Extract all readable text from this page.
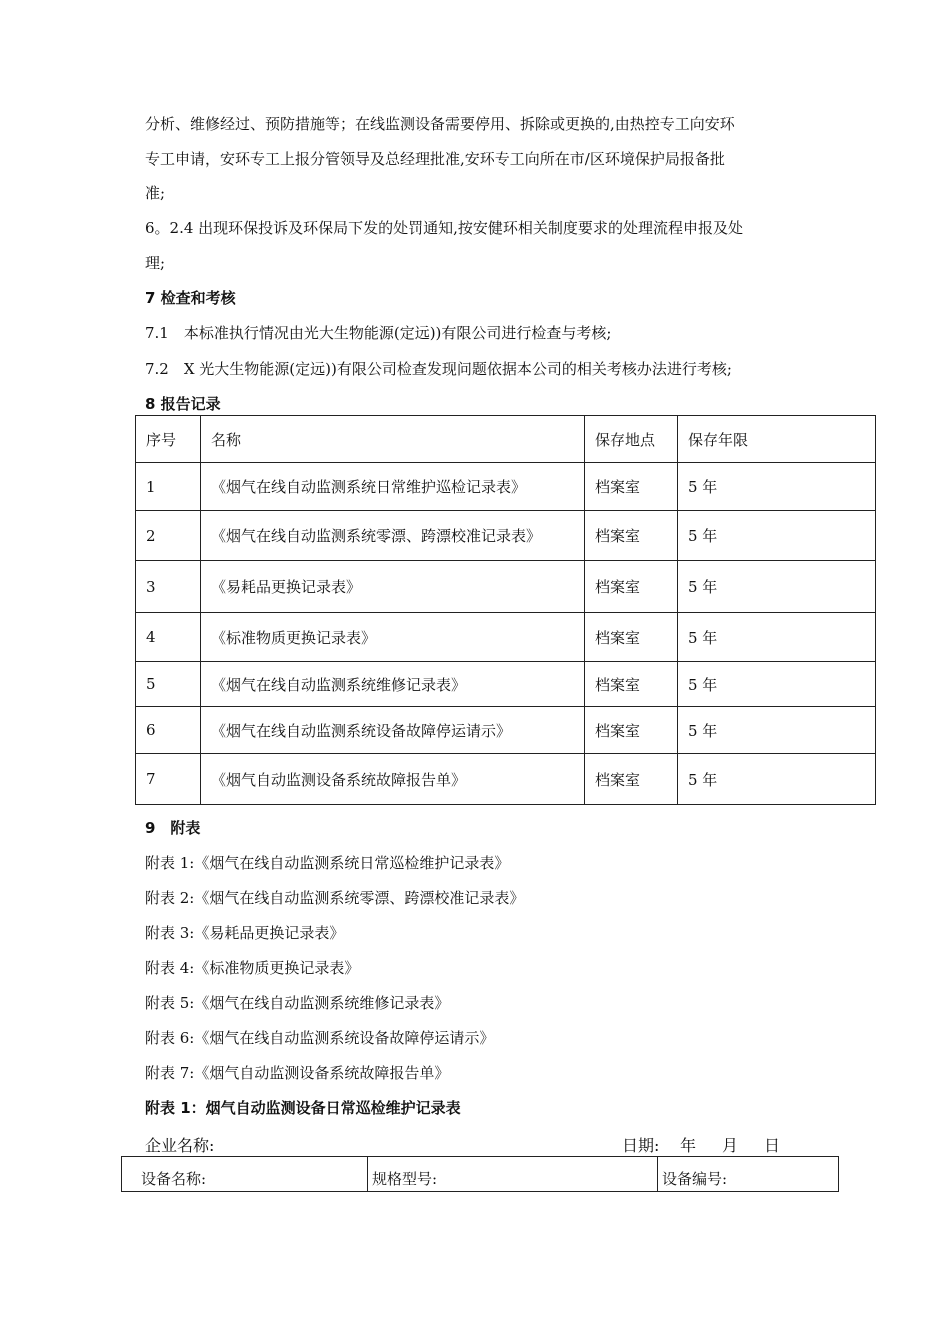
分析、维修经过、预防措施等；在线监测设备需要停用、拆除或更换的,由热控专工向安环
专工申请，安环专工上报分管领导及总经理批准,安环专工向所在市/区环境保护局报备批
准;
6。2.4 出现环保投诉及环保局下发的处罚通知,按安健环相关制度要求的处理流程申报及处
理;
7 检查和考核
7.1　本标准执行情况由光大生物能源(定远))有限公司进行检查与考核;
7.2　X 光大生物能源(定远))有限公司检查发现问题依据本公司的相关考核办法进行考核;
8 报告记录
序号	名称	保存地点	保存年限
1	《烟气在线自动监测系统日常维护巡检记录表》	档案室	5 年
2	《烟气在线自动监测系统零漂、跨漂校准记录表》	档案室	5 年
3	《易耗品更换记录表》	档案室	5 年
4	《标准物质更换记录表》	档案室	5 年
5	《烟气在线自动监测系统维修记录表》	档案室	5 年
6	《烟气在线自动监测系统设备故障停运请示》	档案室	5 年
7	《烟气自动监测设备系统故障报告单》	档案室	5 年
9　附表
附表 1:《烟气在线自动监测系统日常巡检维护记录表》
附表 2:《烟气在线自动监测系统零漂、跨漂校准记录表》
附表 3:《易耗品更换记录表》
附表 4:《标准物质更换记录表》
附表 5:《烟气在线自动监测系统维修记录表》
附表 6:《烟气在线自动监测系统设备故障停运请示》
附表 7:《烟气自动监测设备系统故障报告单》
附表 1：烟气自动监测设备日常巡检维护记录表
企业名称:	日期: 年 月 日
设备名称:	规格型号:	设备编号:
